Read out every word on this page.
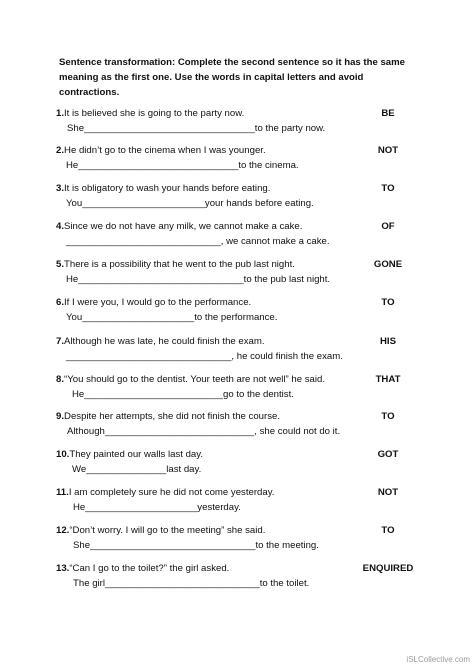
Sentence transformation: Complete the second sentence so it has the same meaning as the first one. Use the words in capital letters and avoid contractions.
1.It is believed she is going to the party now.	BE
She________________________________to the party now.
2.He didn’t go to the cinema when I was younger.	NOT
He______________________________to the cinema.
3.It is obligatory to wash your hands before eating.	TO
You_______________________your hands before eating.
4.Since we do not have any milk, we cannot make a cake.	OF
_____________________________, we cannot make a cake.
5.There is a possibility that he went to the pub last night.	GONE
He_______________________________to the pub last night.
6.If I were you, I would go to the performance.	TO
You_____________________to the performance.
7.Although he was late, he could finish the exam.	HIS
_______________________________, he could finish the exam.
8.“You should go to the dentist. Your teeth are not well” he said.	THAT
He__________________________go to the dentist.
9.Despite her attempts, she did not finish the course.	TO
Although____________________________, she could not do it.
10.They painted our walls last day.	GOT
We_______________last day.
11.I am completely sure he did not come yesterday.	NOT
He_____________________yesterday.
12.“Don’t worry. I will go to the meeting” she said.	TO
She_______________________________to the meeting.
13.“Can I go to the toilet?” the girl asked.	ENQUIRED
The girl_____________________________to the toilet.
iSLCollective.com
